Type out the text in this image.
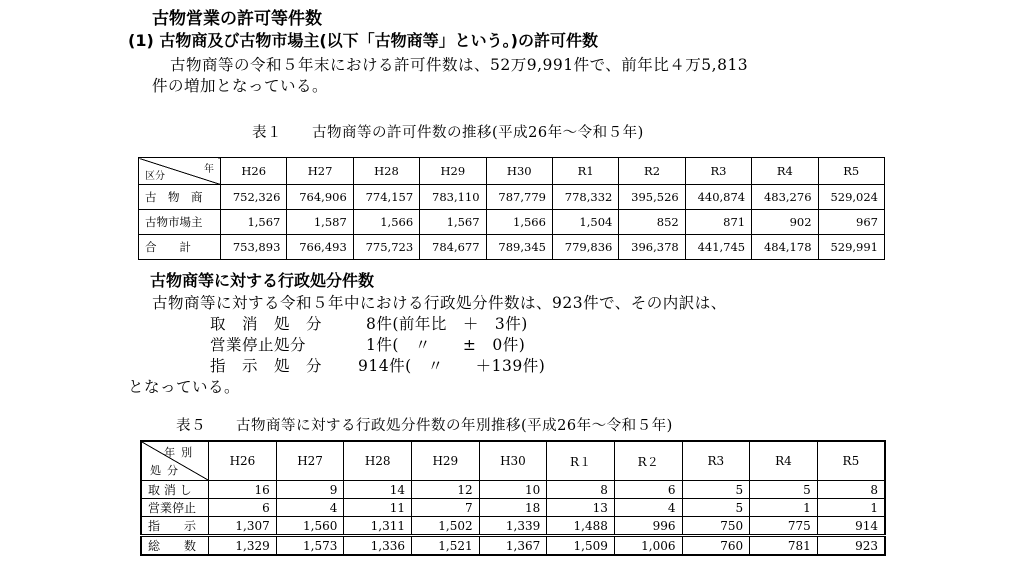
古物営業の許可等件数
(1) 古物商及び古物市場主(以下「古物商等」という。)の許可件数
古物商等の令和５年末における許可件数は、52万9,991件で、前年比４万5,813
件の増加となっている。
表１　　古物商等の許可件数の推移(平成26年～令和５年)
年
区分	H26	H27	H28	H29	H30	R1	R2	R3	R4	R5
古　物　商	752,326	764,906	774,157	783,110	787,779	778,332	395,526	440,874	483,276	529,024
古物市場主	1,567	1,587	1,566	1,567	1,566	1,504	852	871	902	967
合　　計	753,893	766,493	775,723	784,677	789,345	779,836	396,378	441,745	484,178	529,991
古物商等に対する行政処分件数
古物商等に対する令和５年中における行政処分件数は、923件で、その内訳は、
取　消　処　分	8件(前年比　＋　3件)
営業停止処分	1件(　〃　　±　0件)
指　示　処　分 914件(　〃　　＋139件)
となっている。
表５　　古物商等に対する行政処分件数の年別推移(平成26年～令和５年)
年別
処分	H26	H27	H28	H29	H30	R１	R２	R3	R4	R5
取 消 し	16	9	14	12	10	8	6	5	5	8
営業停止	6	4	11	7	18	13	4	5	1	1
指　　示	1,307	1,560	1,311	1,502	1,339	1,488	996	750	775	914
総　　数	1,329	1,573	1,336	1,521	1,367	1,509	1,006	760	781	923
